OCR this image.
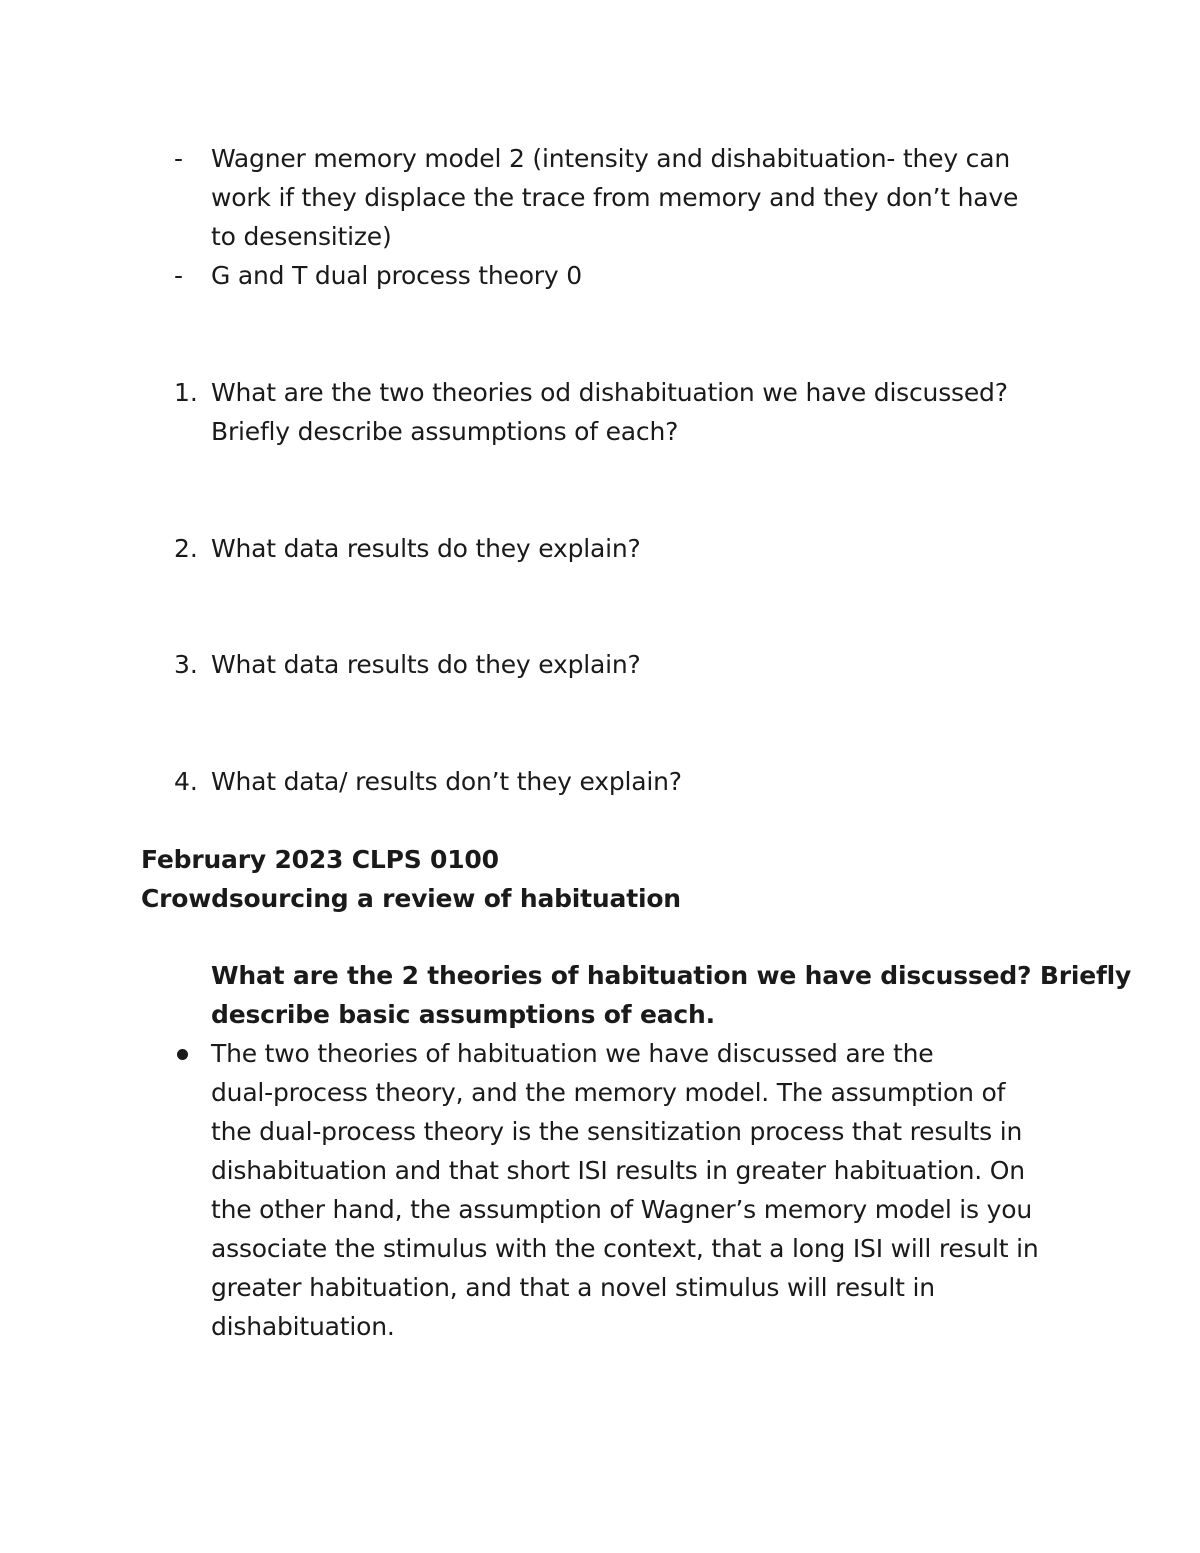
- Wagner memory model 2 (intensity and dishabituation- they can
work if they displace the trace from memory and they don’t have
to desensitize)
- G and T dual process theory 0
1. What are the two theories od dishabituation we have discussed?
Briefly describe assumptions of each?
2. What data results do they explain?
3. What data results do they explain?
4. What data/ results don’t they explain?
February 2023 CLPS 0100
Crowdsourcing a review of habituation
What are the 2 theories of habituation we have discussed? Briefly
describe basic assumptions of each.
The two theories of habituation we have discussed are the
dual-process theory, and the memory model. The assumption of
the dual-process theory is the sensitization process that results in
dishabituation and that short ISI results in greater habituation. On
the other hand, the assumption of Wagner’s memory model is you
associate the stimulus with the context, that a long ISI will result in
greater habituation, and that a novel stimulus will result in
dishabituation.
